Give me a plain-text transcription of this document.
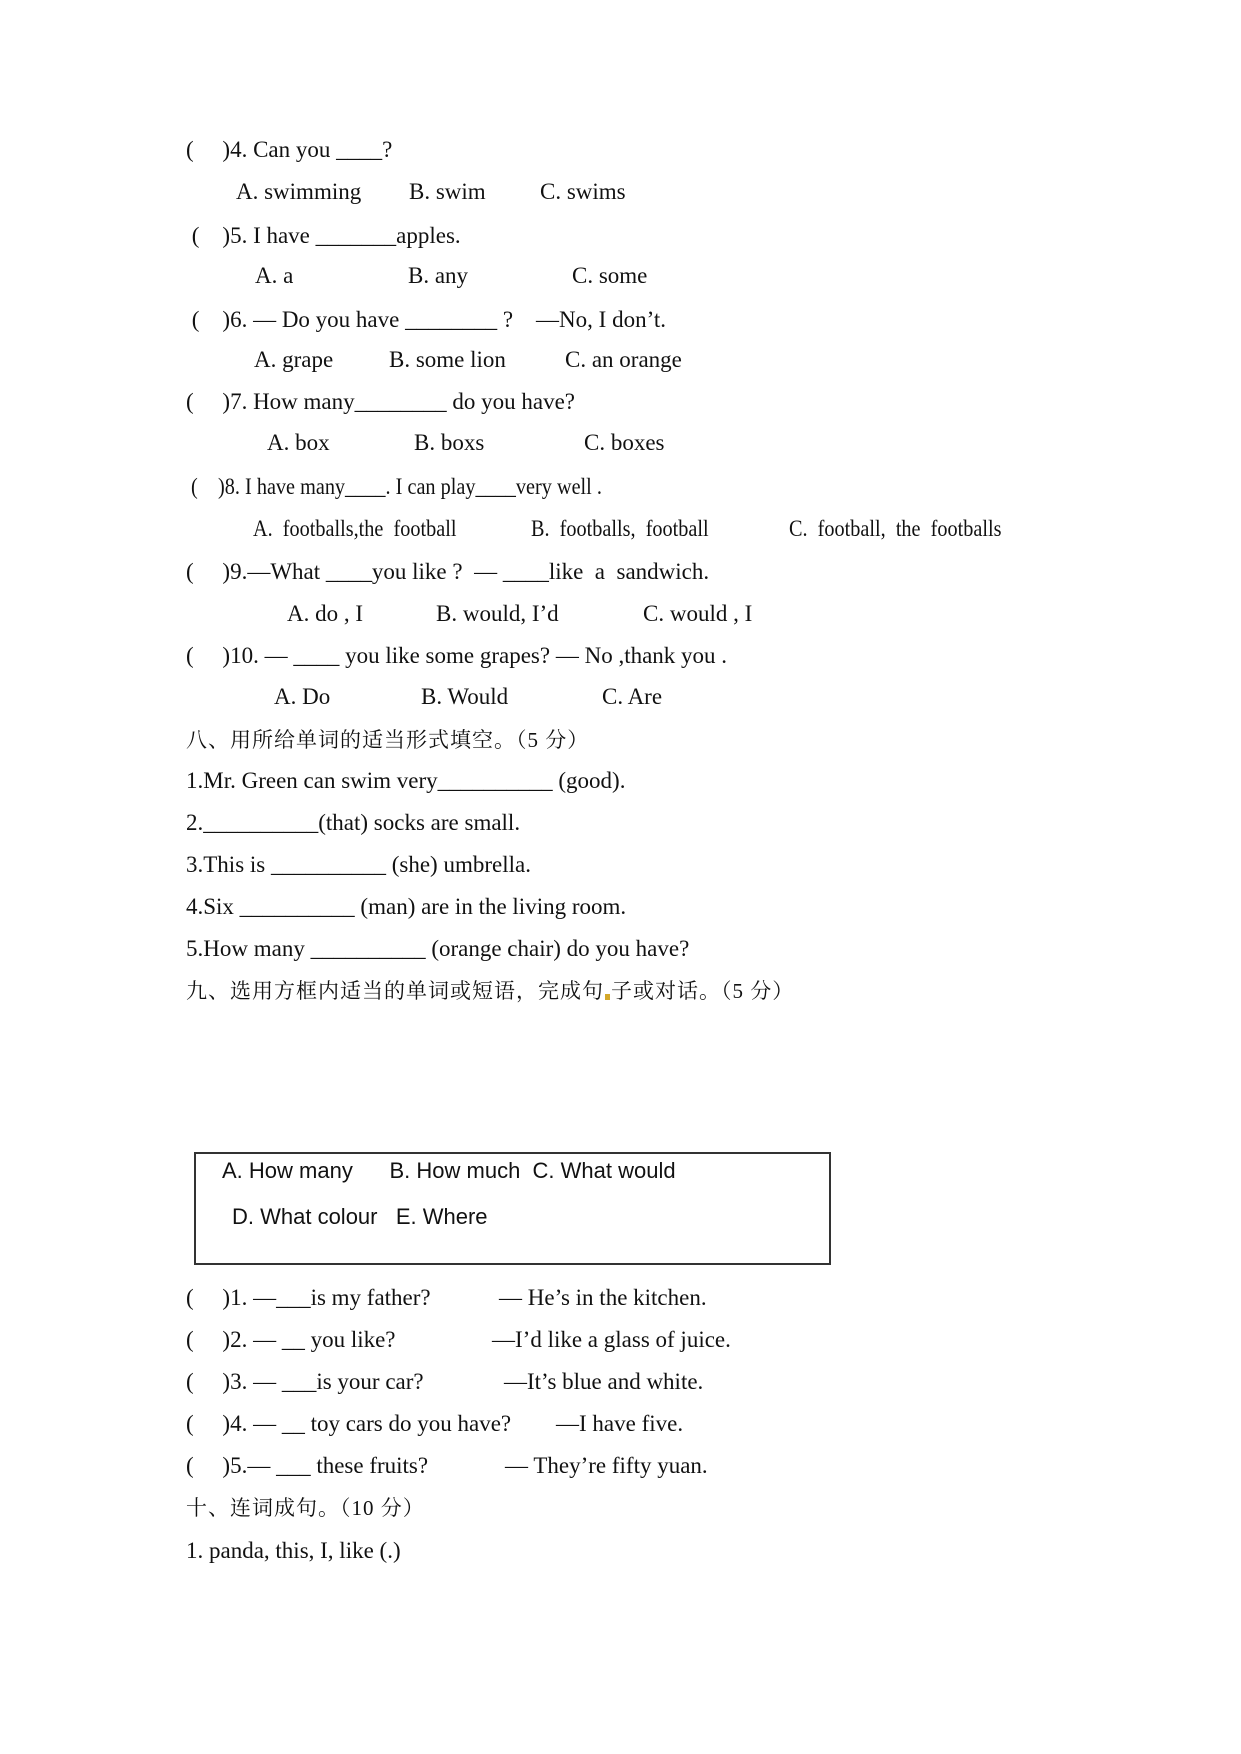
(     )4. Can you ____?
A. swimming B. swim C. swims
(    )5. I have _______apples.
A. a	B. any	C. some
(    )6. — Do you have ________ ?    —No, I don’t.
A. grape B. some lion	C. an orange
(     )7. How many________ do you have?
A. box	B. boxs	C. boxes
(    )8. I have many____. I can play____very well .
A.  footballs,the  football	B.  footballs,  football	C.  football,  the  footballs
(     )9.—What ____you like ?  — ____like  a  sandwich.
A. do , I	B. would, I’d	C. would , I
(     )10. — ____ you like some grapes? — No ,thank you .
A. Do	B. Would	C. Are
八、用所给单词的适当形式填空。（5 分）
1.Mr. Green can swim very__________ (good).
2.__________(that) socks are small.
3.This is __________ (she) umbrella.
4.Six __________ (man) are in the living room.
5.How many __________ (orange chair) do you have?
九、选用方框内适当的单词或短语，完成句 子或对话。（5 分）
A. How many      B. How much  C. What would
D. What colour   E. Where
(     )1. —___is my father?	— He’s in the kitchen.
(     )2. — __ you like?	—I’d like a glass of juice.
(     )3. — ___is your car?	—It’s blue and white.
(     )4. — __ toy cars do you have? —I have five.
(     )5.— ___ these fruits?	— They’re fifty yuan.
十、连词成句。（10 分）
1. panda, this, I, like (.)
